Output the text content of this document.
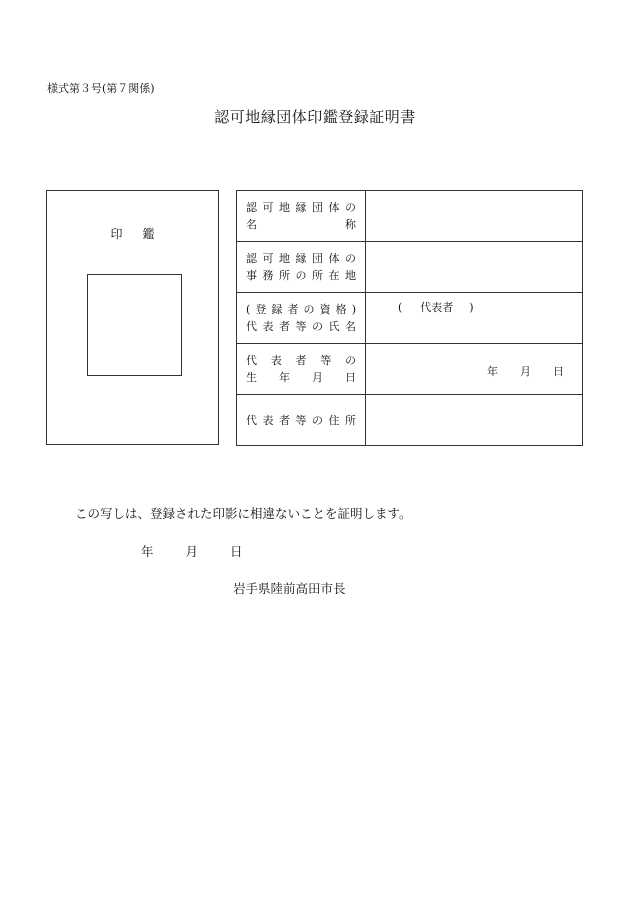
様式第３号(第７関係)
認可地縁団体印鑑登録証明書
印 鑑
認可地縁団体の
名称	

認可地縁団体の
事務所の所在地	

(登録者の資格)
代表者等の氏名	( 代表者 )

代表者等の
生年月日	年 月 日

代表者等の住所	

この写しは、登録された印影に相違ないことを証明します。
年	月	日
岩手県陸前高田市長
